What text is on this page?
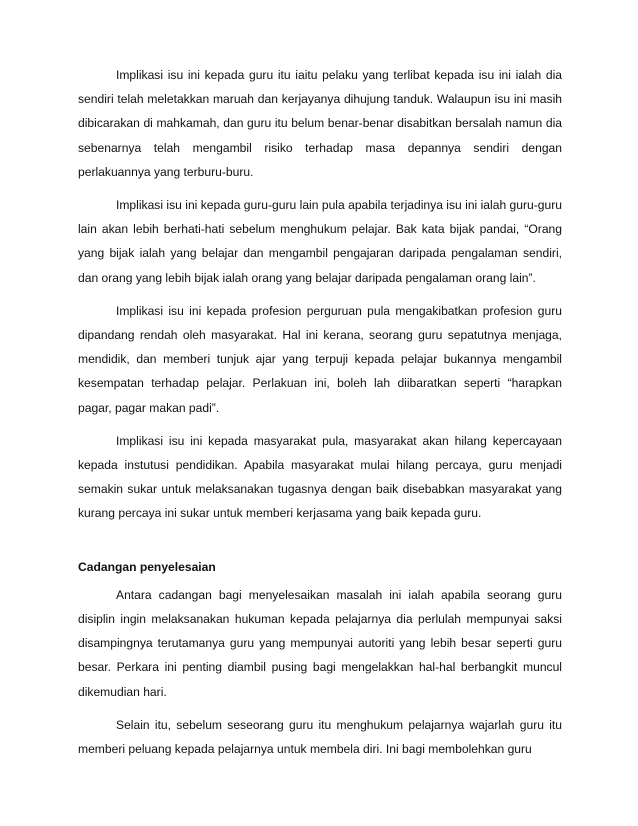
Implikasi isu ini kepada guru itu iaitu pelaku yang terlibat kepada isu ini ialah dia sendiri telah meletakkan maruah dan kerjayanya dihujung tanduk. Walaupun isu ini masih dibicarakan di mahkamah, dan guru itu belum benar-benar disabitkan bersalah namun dia sebenarnya telah mengambil risiko terhadap masa depannya sendiri dengan perlakuannya yang terburu-buru.

Implikasi isu ini kepada guru-guru lain pula apabila terjadinya isu ini ialah guru-guru lain akan lebih berhati-hati sebelum menghukum pelajar. Bak kata bijak pandai, “Orang yang bijak ialah yang belajar dan mengambil pengajaran daripada pengalaman sendiri, dan orang yang lebih bijak ialah orang yang belajar daripada pengalaman orang lain”.

Implikasi isu ini kepada profesion perguruan pula mengakibatkan profesion guru dipandang rendah oleh masyarakat. Hal ini kerana, seorang guru sepatutnya menjaga, mendidik, dan memberi tunjuk ajar yang terpuji kepada pelajar bukannya mengambil kesempatan terhadap pelajar. Perlakuan ini, boleh lah diibaratkan seperti “harapkan pagar, pagar makan padi”.

Implikasi isu ini kepada masyarakat pula, masyarakat akan hilang kepercayaan kepada instutusi pendidikan. Apabila masyarakat mulai hilang percaya, guru menjadi semakin sukar untuk melaksanakan tugasnya dengan baik disebabkan masyarakat yang kurang percaya ini sukar untuk memberi kerjasama yang baik kepada guru.

Cadangan penyelesaian

Antara cadangan bagi menyelesaikan masalah ini ialah apabila seorang guru disiplin ingin melaksanakan hukuman kepada pelajarnya dia perlulah mempunyai saksi disampingnya terutamanya guru yang mempunyai autoriti yang lebih besar seperti guru besar. Perkara ini penting diambil pusing bagi mengelakkan hal-hal berbangkit muncul dikemudian hari.

Selain itu, sebelum seseorang guru itu menghukum pelajarnya wajarlah guru itu memberi peluang kepada pelajarnya untuk membela diri. Ini bagi membolehkan guru
